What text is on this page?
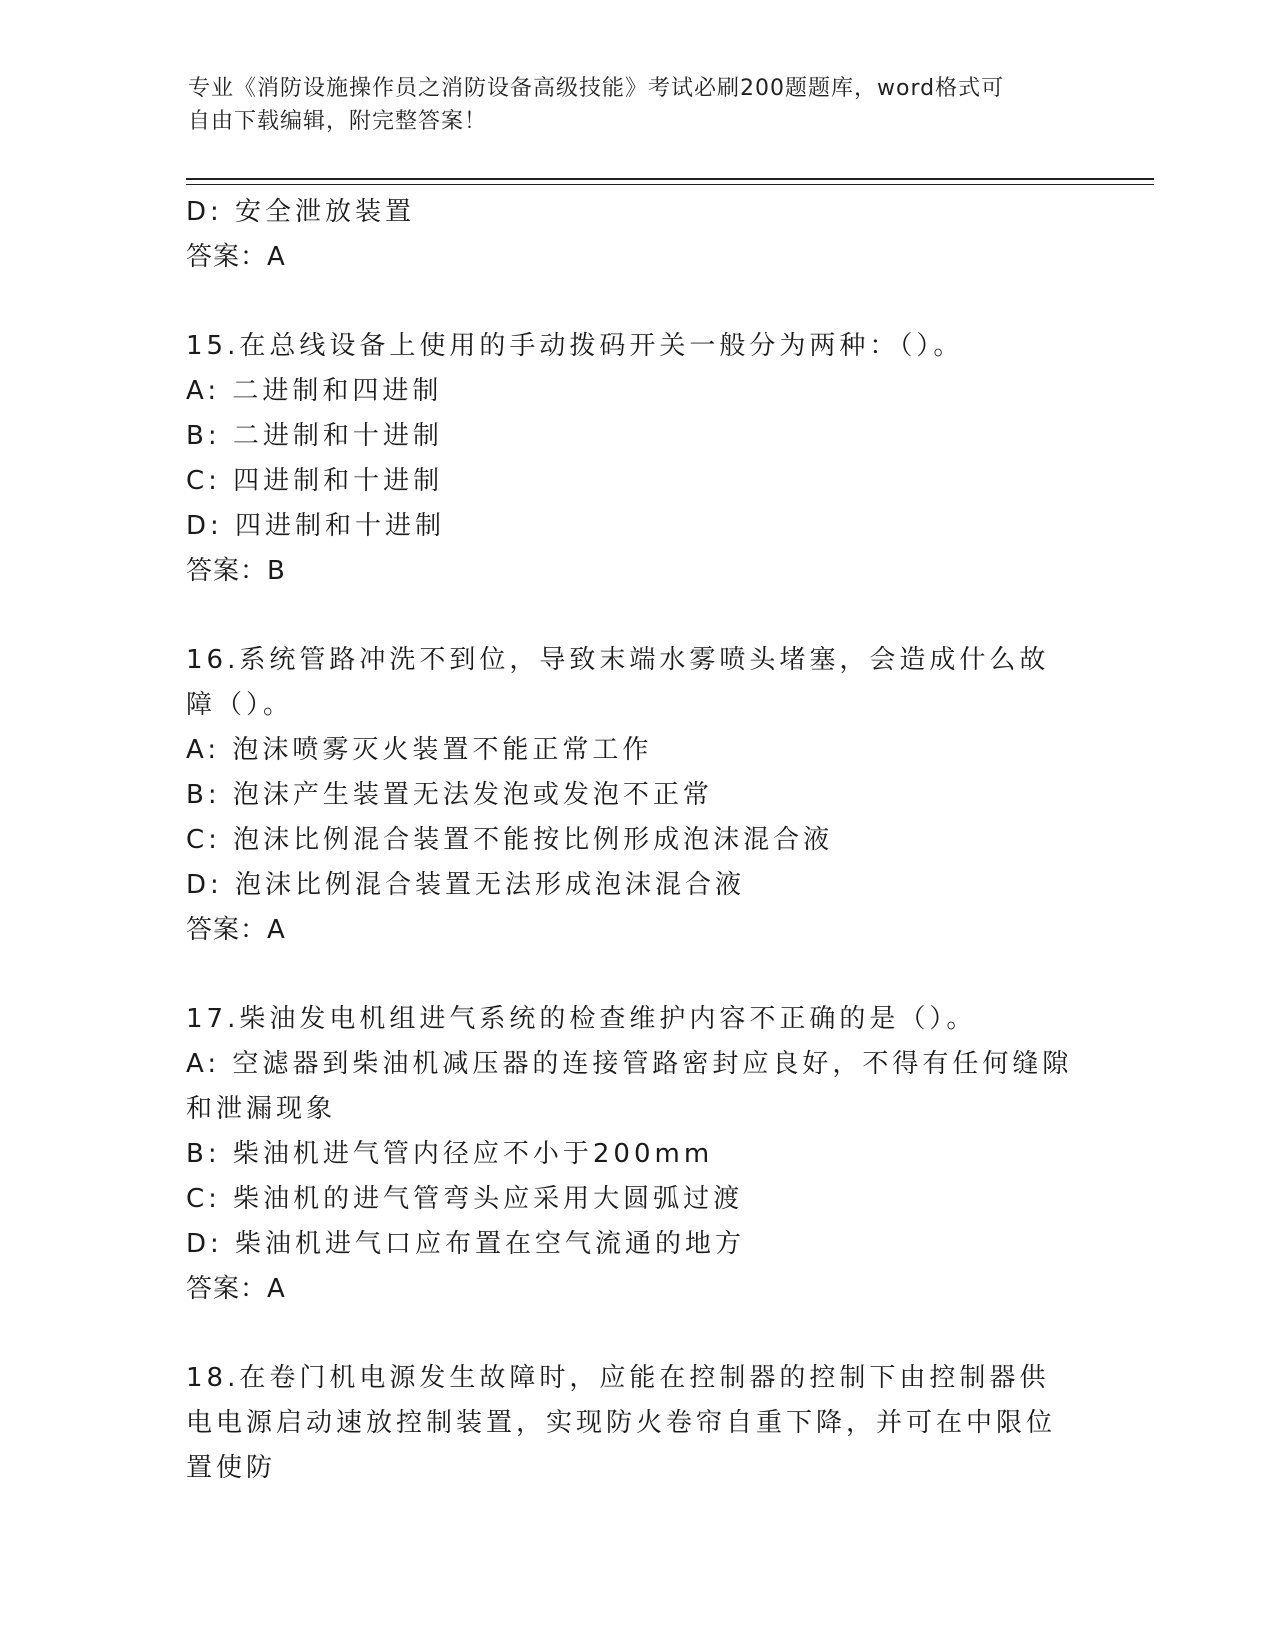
专业《消防设施操作员之消防设备高级技能》考试必刷200题题库，word格式可
自由下载编辑，附完整答案！
D: 安全泄放装置
答案：A
15.在总线设备上使用的手动拨码开关一般分为两种：（）。
A: 二进制和四进制
B: 二进制和十进制
C: 四进制和十进制
D: 四进制和十进制
答案：B
16.系统管路冲洗不到位，导致末端水雾喷头堵塞，会造成什么故障（）。
A: 泡沫喷雾灭火装置不能正常工作
B: 泡沫产生装置无法发泡或发泡不正常
C: 泡沫比例混合装置不能按比例形成泡沫混合液
D: 泡沫比例混合装置无法形成泡沫混合液
答案：A
17.柴油发电机组进气系统的检查维护内容不正确的是（）。
A: 空滤器到柴油机减压器的连接管路密封应良好，不得有任何缝隙和泄漏现象
B: 柴油机进气管内径应不小于200mm
C: 柴油机的进气管弯头应采用大圆弧过渡
D: 柴油机进气口应布置在空气流通的地方
答案：A
18.在卷门机电源发生故障时，应能在控制器的控制下由控制器供电电源启动速放控制装置，实现防火卷帘自重下降，并可在中限位置使防
